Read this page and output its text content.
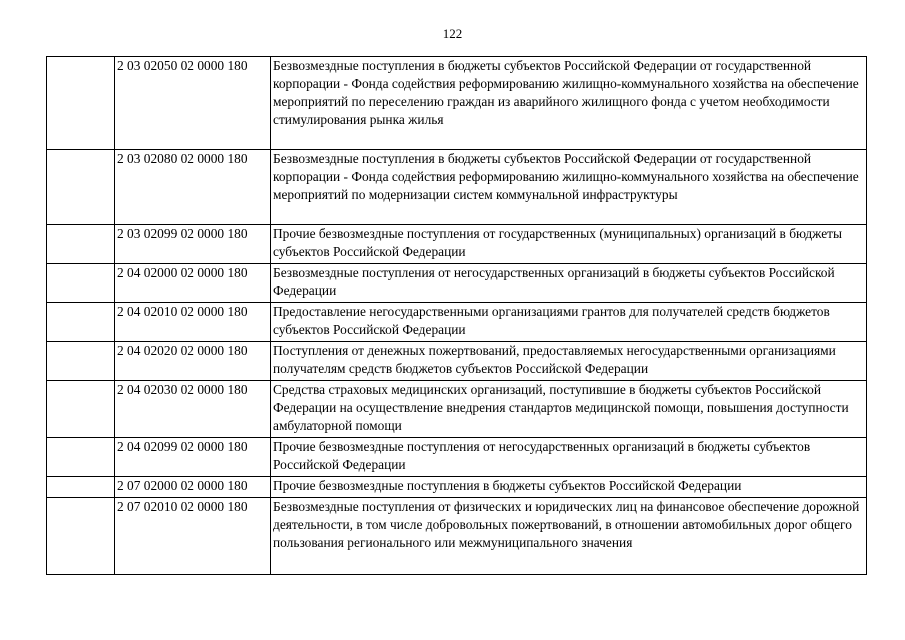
122
	2 03 02050 02 0000 180	Безвозмездные поступления в бюджеты субъектов Российской Федерации от государственной корпорации - Фонда содействия реформированию жилищно-коммунального хозяйства на обеспечение мероприятий по переселению граждан из аварийного жилищного фонда с учетом необходимости стимулирования рынка жилья
	2 03 02080 02 0000 180	Безвозмездные поступления в бюджеты субъектов Российской Федерации от государственной корпорации - Фонда содействия реформированию жилищно-коммунального хозяйства на обеспечение мероприятий по модернизации систем коммунальной инфраструктуры
	2 03 02099 02 0000 180	Прочие безвозмездные поступления от государственных (муниципальных) организаций в бюджеты субъектов Российской Федерации
	2 04 02000 02 0000 180	Безвозмездные поступления от негосударственных организаций в бюджеты субъектов Российской Федерации
	2 04 02010 02 0000 180	Предоставление негосударственными организациями грантов для получателей средств бюджетов субъектов Российской Федерации
	2 04 02020 02 0000 180	Поступления от денежных пожертвований, предоставляемых негосударственными организациями получателям средств бюджетов субъектов Российской Федерации
	2 04 02030 02 0000 180	Средства страховых медицинских организаций, поступившие в бюджеты субъектов Российской Федерации на осуществление внедрения стандартов медицинской помощи, повышения доступности амбулаторной помощи
	2 04 02099 02 0000 180	Прочие безвозмездные поступления от негосударственных организаций в бюджеты субъектов Российской Федерации
	2 07 02000 02 0000 180	Прочие безвозмездные поступления в бюджеты субъектов Российской Федерации
	2 07 02010 02 0000 180	Безвозмездные поступления от физических и юридических лиц на финансовое обеспечение дорожной деятельности, в том числе добровольных пожертвований, в отношении автомобильных дорог общего пользования регионального или межмуниципального значения
